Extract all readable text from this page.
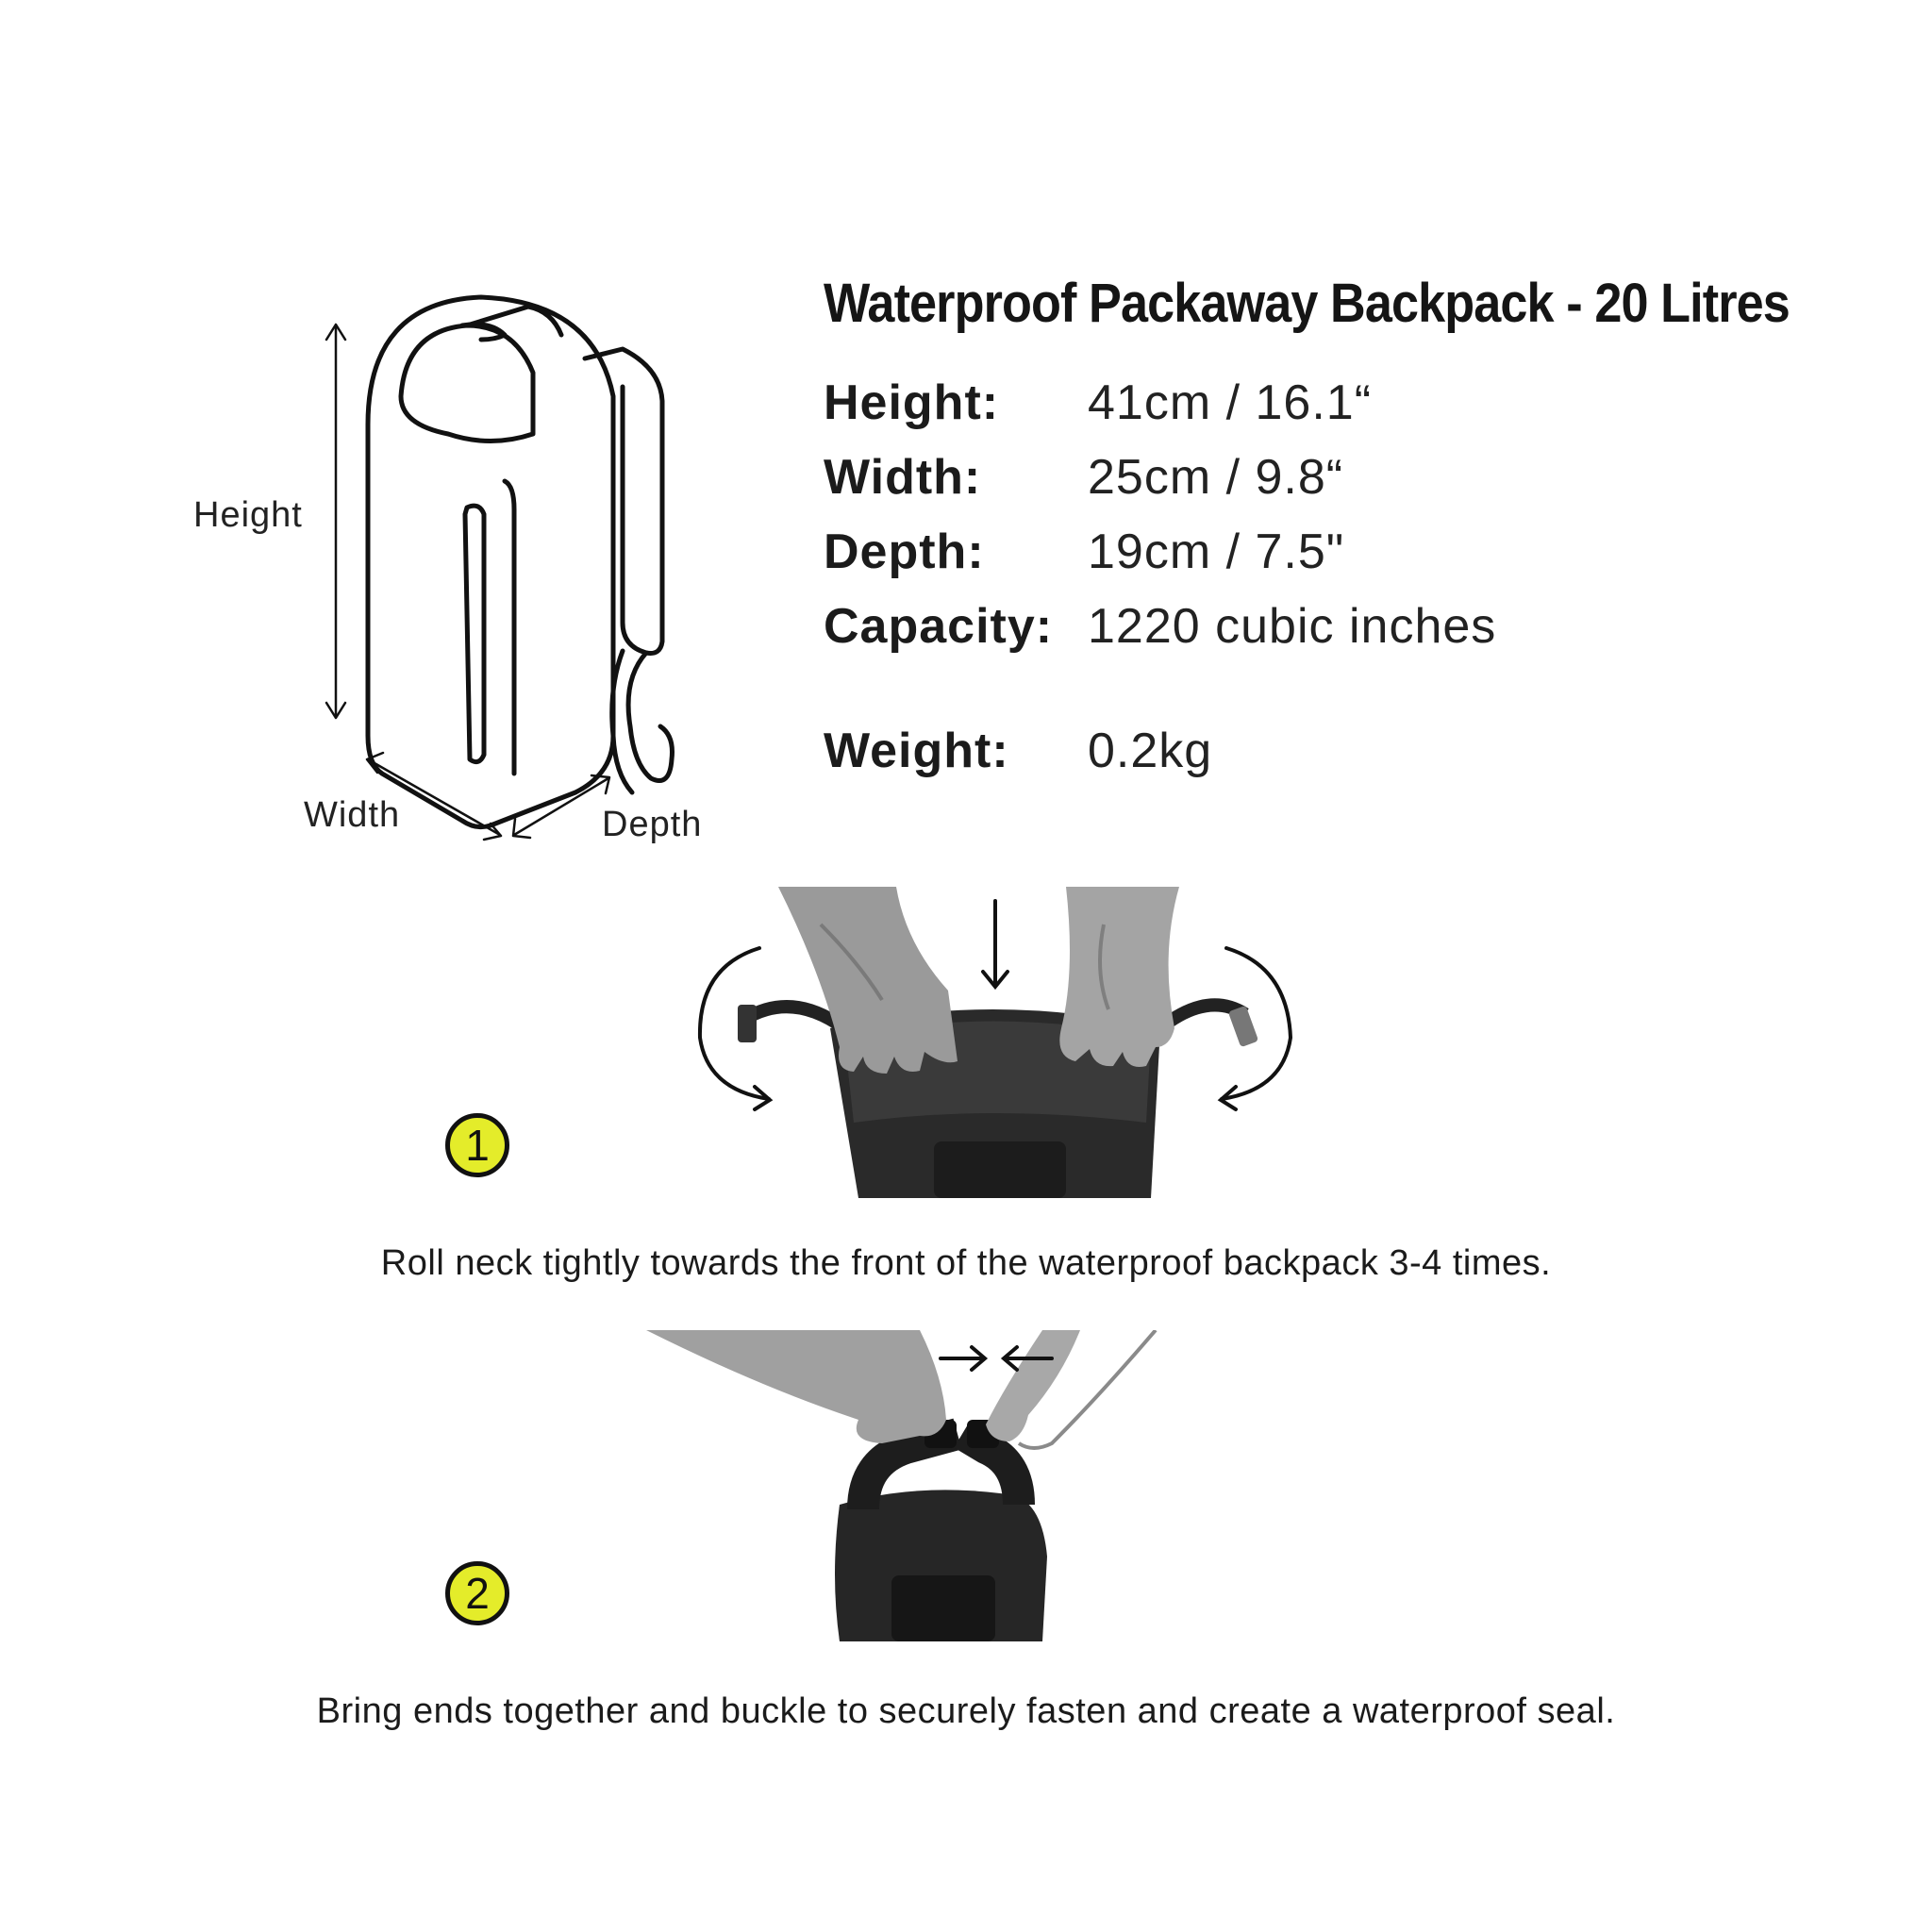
Height
Width	Depth
Waterproof Packaway Backpack - 20 Litres
Height:	41cm / 16.1“
Width:	25cm / 9.8“
Depth:	19cm / 7.5"
Capacity: 1220 cubic inches
Weight:	0.2kg
1
Roll neck tightly towards the front of the waterproof backpack 3-4 times.
2
Bring ends together and buckle to securely fasten and create a waterproof seal.
